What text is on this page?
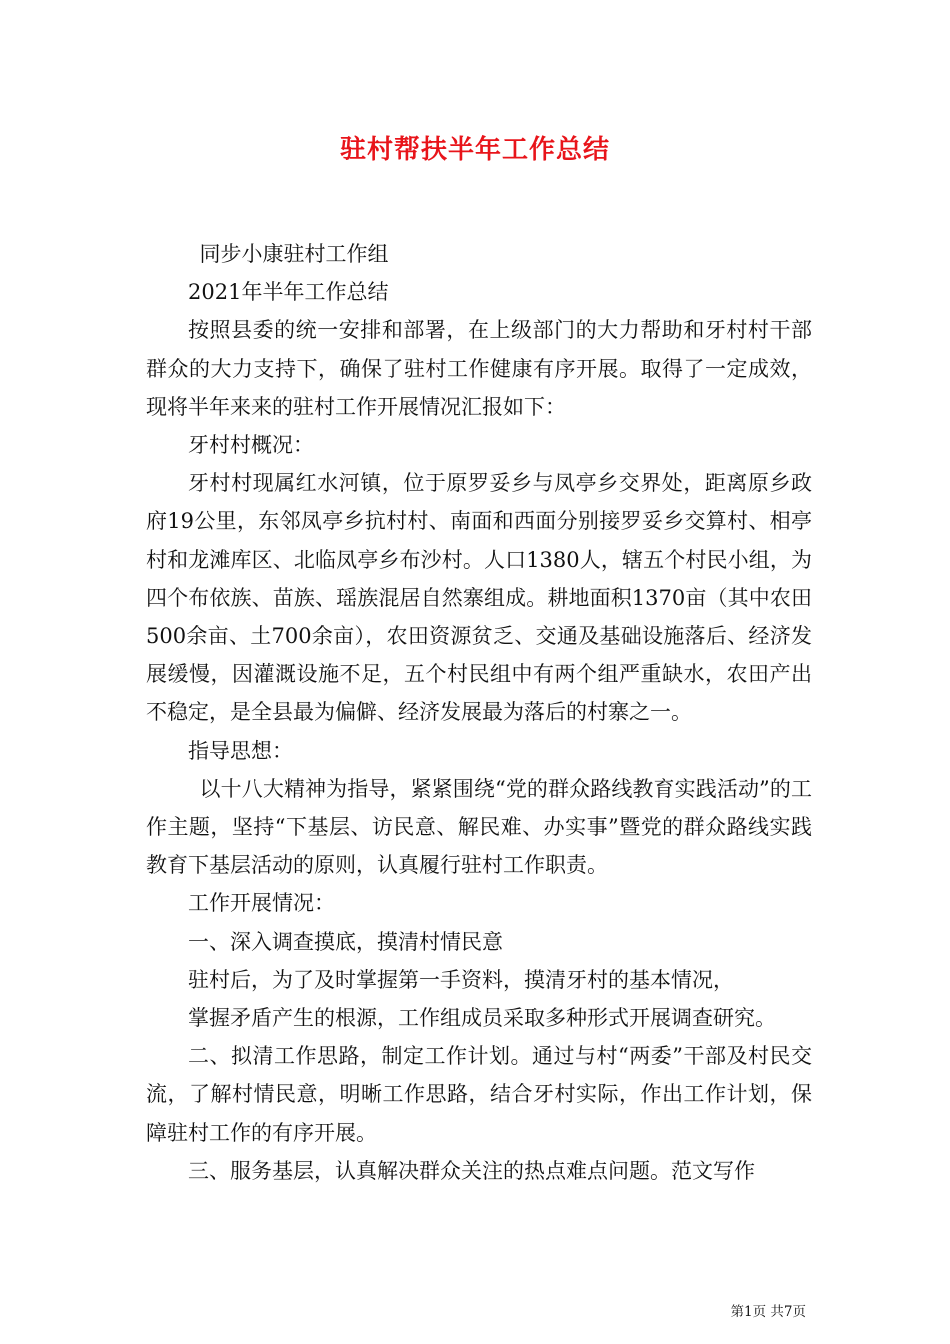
驻村帮扶半年工作总结

同步小康驻村工作组

2021年半年工作总结

按照县委的统一安排和部署，在上级部门的大力帮助和牙村村干部群众的大力支持下，确保了驻村工作健康有序开展。取得了一定成效，现将半年来来的驻村工作开展情况汇报如下：

牙村村概况：

牙村村现属红水河镇，位于原罗妥乡与凤亭乡交界处，距离原乡政府19公里，东邻凤亭乡抗村村、南面和西面分别接罗妥乡交算村、相亭村和龙滩库区、北临凤亭乡布沙村。人口1380人，辖五个村民小组，为四个布依族、苗族、瑶族混居自然寨组成。耕地面积1370亩（其中农田500余亩、土700余亩），农田资源贫乏、交通及基础设施落后、经济发展缓慢，因灌溉设施不足，五个村民组中有两个组严重缺水，农田产出不稳定，是全县最为偏僻、经济发展最为落后的村寨之一。

指导思想：

以十八大精神为指导，紧紧围绕“党的群众路线教育实践活动”的工作主题，坚持“下基层、访民意、解民难、办实事”暨党的群众路线实践教育下基层活动的原则，认真履行驻村工作职责。

工作开展情况：

一、深入调查摸底，摸清村情民意

驻村后，为了及时掌握第一手资料，摸清牙村的基本情况，

掌握矛盾产生的根源，工作组成员采取多种形式开展调查研究。

二、拟清工作思路，制定工作计划。通过与村“两委”干部及村民交流，了解村情民意，明晰工作思路，结合牙村实际，作出工作计划，保障驻村工作的有序开展。

三、服务基层，认真解决群众关注的热点难点问题。范文写作

第1页 共7页
